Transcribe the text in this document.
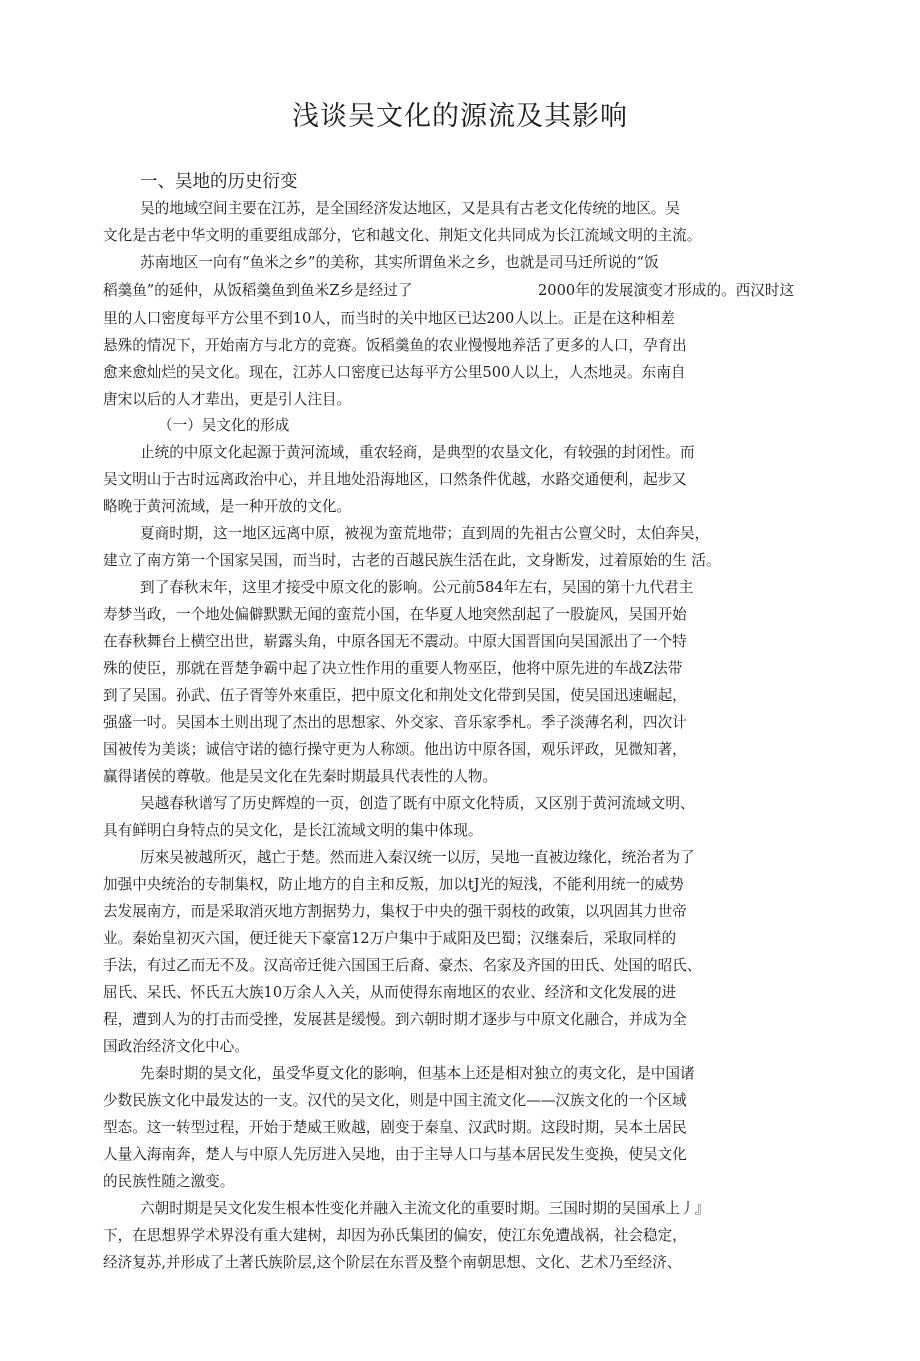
浅谈吴文化的源流及其影响
一、吴地的历史衍变
吴的地域空间主要在江苏，是全国经济发达地区，又是具有古老文化传统的地区。吴
文化是古老中华文明的重要组成部分，它和越文化、荆矩文化共同成为长江流域文明的主流。
苏南地区一向有“鱼米之乡”的美称，其实所谓鱼米之乡，也就是司马迁所说的“饭
稻羹鱼”的延仲，从饭稻羹鱼到鱼米Z乡是经过了	2000年的发展演变才形成的。西汉时这
里的人口密度每平方公里不到10人，而当时的关中地区已达200人以上。正是在这种相差
悬殊的情况下，开始南方与北方的竞赛。饭稻羹鱼的农业慢慢地养活了更多的人口，孕育出
愈来愈灿烂的吴文化。现在，江苏人口密度已达每平方公里500人以上，人杰地灵。东南自
唐宋以后的人才辈出，更是引人注目。
（一）吴文化的形成
止统的中原文化起源于黄河流域，重农轻商，是典型的农垦文化，有较强的封闭性。而
吴文明山于古时远离政治中心，并且地处沿海地区，口然条件优越，水路交通便利，起步又
略晚于黄河流域，是一种开放的文化。
夏商时期，这一地区远离中原，被视为蛮荒地带；直到周的先祖古公亶父时，太伯奔吴，
建立了南方第一个国家吴国，而当时，古老的百越民族生活在此，文身断发，过着原始的生 活。
到了春秋末年，这里才接受中原文化的影响。公元前584年左右，吴国的第十九代君主
寿梦当政，一个地处偏僻默默无闻的蛮荒小国，在华夏人地突然刮起了一股旋风，吴国开始
在春秋舞台上横空出世，崭露头角，中原各国无不震动。中原大国晋国向吴国派出了一个特
殊的使臣，那就在晋楚争霸中起了决立性作用的重要人物巫臣，他将中原先进的车战Z法带
到了吴国。孙武、伍子胥等外來重臣，把中原文化和荆处文化带到吴国，使吴国迅速崛起，
强盛一吋。吴国本土则出现了杰出的思想家、外交家、音乐家季札。季子淡薄名利，四次计
国被传为美谈；诚信守诺的德行操守更为人称颂。他出访中原各国，观乐评政，见微知著，
赢得诸侯的尊敬。他是吴文化在先秦时期最具代表性的人物。
吴越春秋谱写了历史辉煌的一页，创造了既有中原文化特质，又区别于黄河流域文明、
具有鲜明白身特点的吴文化，是长江流域文明的集中体现。
厉來吴被越所灭，越亡于楚。然而进入秦汉统一以厉，吴地一直被边缘化，统治者为了
加强中央统治的专制集权，防止地方的自主和反叛，加以tJ光的短浅，不能利用统一的威势
去发展南方，而是采取消灭地方割据势力，集权于中央的强干弱枝的政策，以巩固其力世帝
业。秦始皇初灭六国，便迁徙天下豪富12万户集中于咸阳及巴蜀；汉继秦后，采取同样的
手法，有过乙而无不及。汉高帝迁徙六国国王后裔、豪杰、名家及齐国的田氏、处国的昭氏、
屈氏、呆氏、怀氏五大族10万余人入关，从而使得东南地区的农业、经济和文化发展的进
程，遭到人为的打击而受挫，发展甚是缓慢。到六朝时期才逐步与中原文化融合，并成为全
国政治经济文化中心。
先秦时期的昊文化，虽受华夏文化的影响，但基本上还是相对独立的夷文化，是中国诸
少数民族文化中最发达的一支。汉代的吴文化，则是中国主流文化——汉族文化的一个区域
型态。这一转型过程，开始于楚威王败越，剧变于秦皇、汉武时期。这段时期，吴本土居民
人量入海南奔，楚人与中原人先厉进入吴地，由于主导人口与基本居民发生变换，使吴文化
的民族性随之激变。
六朝时期是吴文化发生根本性变化并融入主流文化的重要时期。三国时期的吴国承上丿』
下，在思想界学术界没有重大建树，却因为孙氏集团的偏安，使江东免遭战祸，社会稳定，
经济复苏,并形成了土著氏族阶层,这个阶层在东晋及整个南朝思想、文化、艺术乃至经济、
